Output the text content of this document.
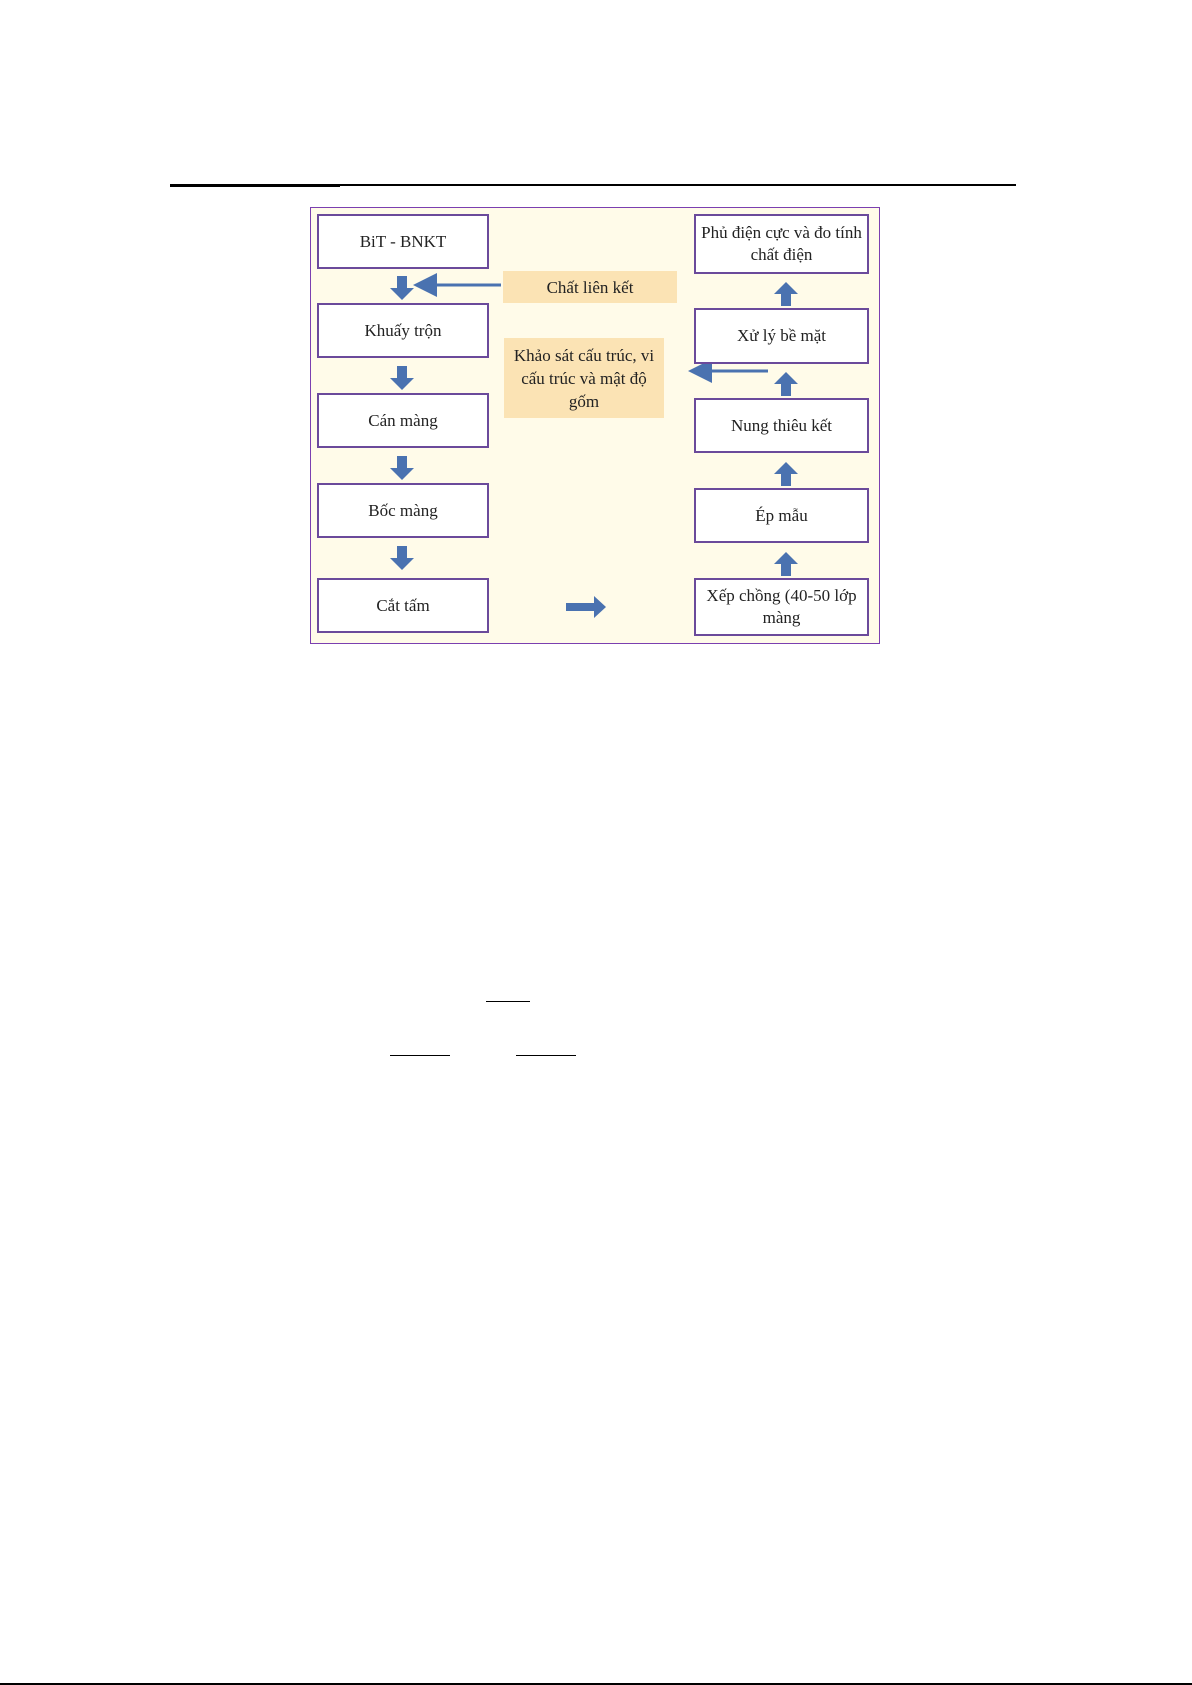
BiT - BNKT
Khuấy trộn
Cán màng
Bốc màng
Cắt tấm	Xếp chồng (40-50 lớp màng
Ép mẫu
Nung thiêu kết
Xử lý bề mặt
Phủ điện cực và đo tính chất điện
Chất liên kết
Khảo sát cấu trúc, vi cấu trúc và mật độ gốm
